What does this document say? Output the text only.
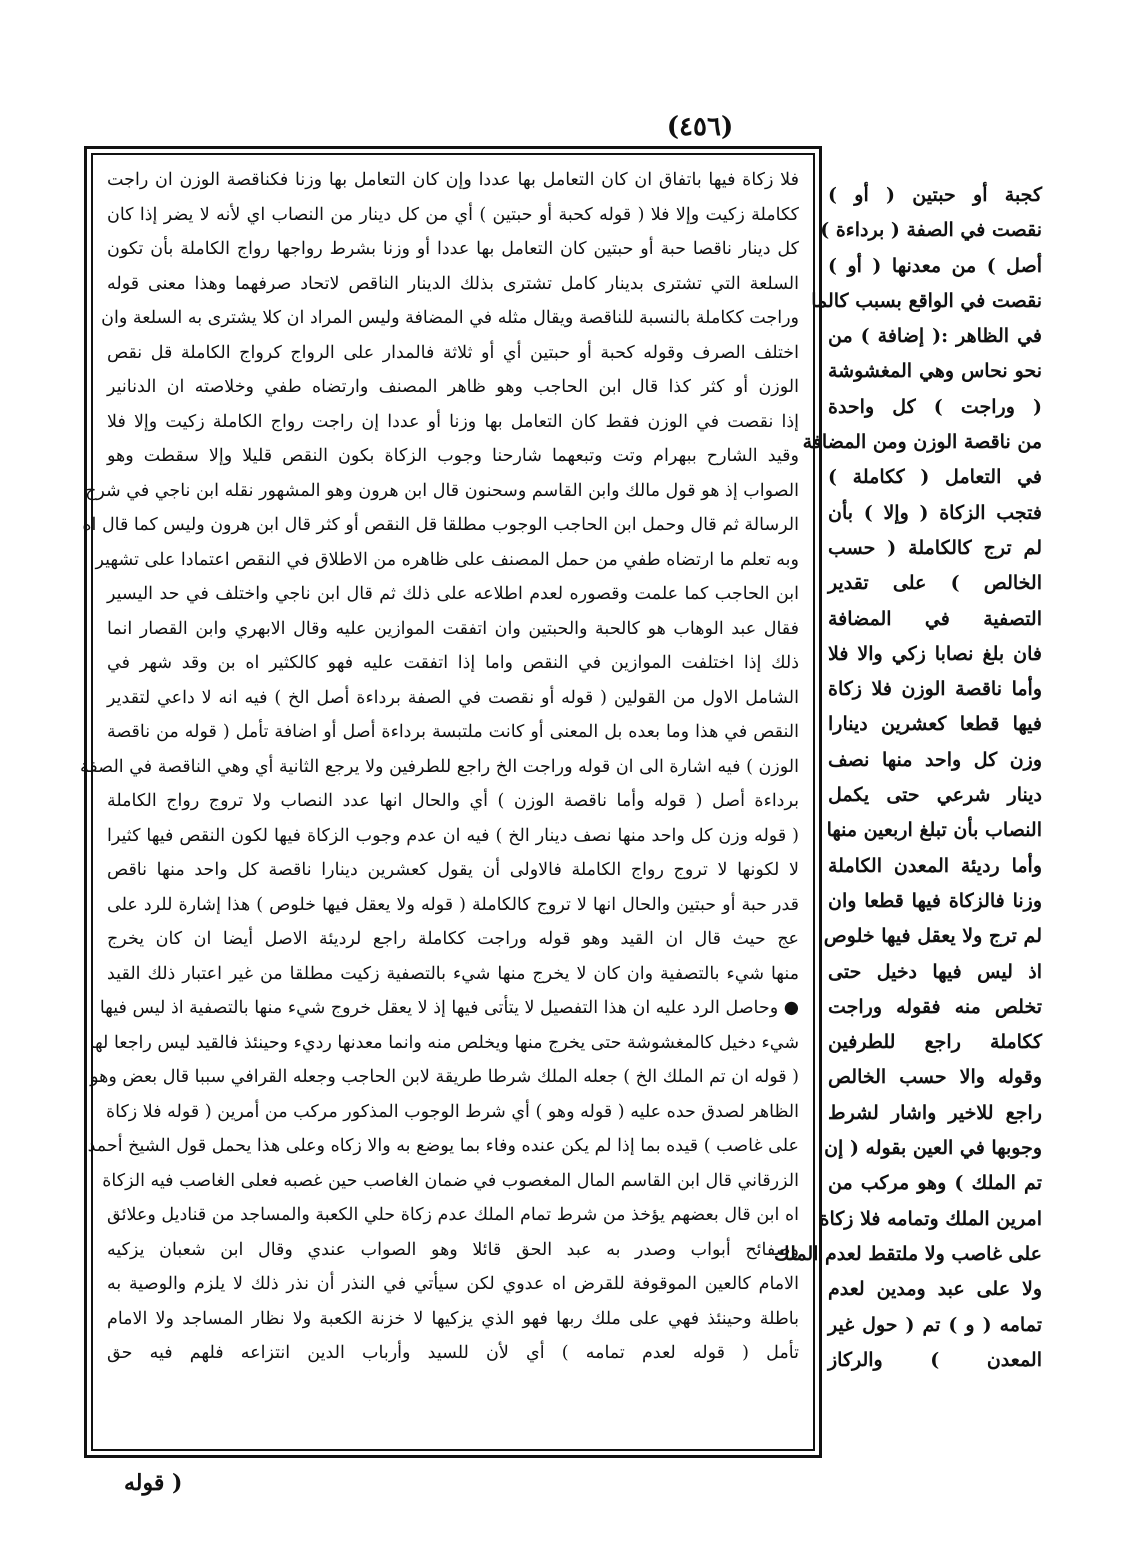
(٤٥٦)
كجبة أو حبتين ( أو )
نقصت في الصفة ( برداءة )
أصل ) من معدنها ( أو )
نقصت في الواقع بسبب كالما
في الظاهر :( إضافة ) من
نحو نحاس وهي المغشوشة
( وراجت ) كل واحدة
من ناقصة الوزن ومن المضافة
في التعامل ( ككاملة )
فتجب الزكاة ( وإلا ) بأن
لم ترج كالكاملة ( حسب
الخالص ) على تقدير
التصفية في المضافة
فان بلغ نصابا زكي والا فلا
وأما ناقصة الوزن فلا زكاة
فيها قطعا كعشرين دينارا
وزن كل واحد منها نصف
دينار شرعي حتى يكمل
النصاب بأن تبلغ اربعين منها
وأما رديئة المعدن الكاملة
وزنا فالزكاة فيها قطعا وان
لم ترج ولا يعقل فيها خلوص
اذ ليس فيها دخيل حتى
تخلص منه فقوله وراجت
ككاملة راجع للطرفين
وقوله والا حسب الخالص
راجع للاخير واشار لشرط
وجوبها في العين بقوله ( إن
تم الملك ) وهو مركب من
امرين الملك وتمامه فلا زكاة
على غاصب ولا ملتقط لعدم الملك
ولا على عبد ومدين لعدم
تمامه ( و ) تم ( حول غير
المعدن ) والركاز
فلا زكاة فيها باتفاق ان كان التعامل بها عددا وإن كان التعامل بها وزنا فكناقصة الوزن ان راجت
ككاملة زكيت وإلا فلا ( قوله كحبة أو حبتين ) أي من كل دينار من النصاب اي لأنه لا يضر إذا كان
كل دينار ناقصا حبة أو حبتين كان التعامل بها عددا أو وزنا بشرط رواجها رواج الكاملة بأن تكون
السلعة التي تشترى بدينار كامل تشترى بذلك الدينار الناقص لاتحاد صرفهما وهذا معنى قوله
وراجت ككاملة بالنسبة للناقصة ويقال مثله في المضافة وليس المراد ان كلا يشترى به السلعة وان
اختلف الصرف وقوله كحبة أو حبتين أي أو ثلاثة فالمدار على الرواج كرواج الكاملة قل نقص
الوزن أو كثر كذا قال ابن الحاجب وهو ظاهر المصنف وارتضاه طفي وخلاصته ان الدنانير
إذا نقصت في الوزن فقط كان التعامل بها وزنا أو عددا إن راجت رواج الكاملة زكيت وإلا فلا
وقيد الشارح ببهرام وتت وتبعهما شارحنا وجوب الزكاة بكون النقص قليلا وإلا سقطت وهو
الصواب إذ هو قول مالك وابن القاسم وسحنون قال ابن هرون وهو المشهور نقله ابن ناجي في شرح
الرسالة ثم قال وحمل ابن الحاجب الوجوب مطلقا قل النقص أو كثر قال ابن هرون وليس كما قال اه
وبه تعلم ما ارتضاه طفي من حمل المصنف على ظاهره من الاطلاق في النقص اعتمادا على تشهير
ابن الحاجب كما علمت وقصوره لعدم اطلاعه على ذلك ثم قال ابن ناجي واختلف في حد اليسير
فقال عبد الوهاب هو كالحبة والحبتين وان اتفقت الموازين عليه وقال الابهري وابن القصار انما
ذلك إذا اختلفت الموازين في النقص واما إذا اتفقت عليه فهو كالكثير اه بن وقد شهر في
الشامل الاول من القولين ( قوله أو نقصت في الصفة برداءة أصل الخ ) فيه انه لا داعي لتقدير
النقص في هذا وما بعده بل المعنى أو كانت ملتبسة برداءة أصل أو اضافة تأمل ( قوله من ناقصة
الوزن ) فيه اشارة الى ان قوله وراجت الخ راجع للطرفين ولا يرجع الثانية أي وهي الناقصة في الصفة
برداءة أصل ( قوله وأما ناقصة الوزن ) أي والحال انها عدد النصاب ولا تروج رواج الكاملة
( قوله وزن كل واحد منها نصف دينار الخ ) فيه ان عدم وجوب الزكاة فيها لكون النقص فيها كثيرا
لا لكونها لا تروج رواج الكاملة فالاولى أن يقول كعشرين دينارا ناقصة كل واحد منها ناقص
قدر حبة أو حبتين والحال انها لا تروج كالكاملة ( قوله ولا يعقل فيها خلوص ) هذا إشارة للرد على
عج حيث قال ان القيد وهو قوله وراجت ككاملة راجع لرديئة الاصل أيضا ان كان يخرج
منها شيء بالتصفية وان كان لا يخرج منها شيء بالتصفية زكيت مطلقا من غير اعتبار ذلك القيد
● وحاصل الرد عليه ان هذا التفصيل لا يتأتى فيها إذ لا يعقل خروج شيء منها بالتصفية اذ ليس فيها
شيء دخيل كالمغشوشة حتى يخرج منها ويخلص منه وانما معدنها رديء وحينئذ فالقيد ليس راجعا لها
( قوله ان تم الملك الخ ) جعله الملك شرطا طريقة لابن الحاجب وجعله القرافي سببا قال بعض وهو
الظاهر لصدق حده عليه ( قوله وهو ) أي شرط الوجوب المذكور مركب من أمرين ( قوله فلا زكاة
على غاصب ) قيده بما إذا لم يكن عنده وفاء بما يوضع به والا زكاه وعلى هذا يحمل قول الشيخ أحمد
الزرقاني قال ابن القاسم المال المغصوب في ضمان الغاصب حين غصبه فعلى الغاصب فيه الزكاة
اه ابن قال بعضهم يؤخذ من شرط تمام الملك عدم زكاة حلي الكعبة والمساجد من قناديل وعلائق
وصفائح أبواب وصدر به عبد الحق قائلا وهو الصواب عندي وقال ابن شعبان يزكيه
الامام كالعين الموقوفة للقرض اه عدوي لكن سيأتي في النذر أن نذر ذلك لا يلزم والوصية به
باطلة وحينئذ فهي على ملك ربها فهو الذي يزكيها لا خزنة الكعبة ولا نظار المساجد ولا الامام
تأمل ( قوله لعدم تمامه ) أي لأن للسيد وأرباب الدين انتزاعه فلهم فيه حق
( قوله
